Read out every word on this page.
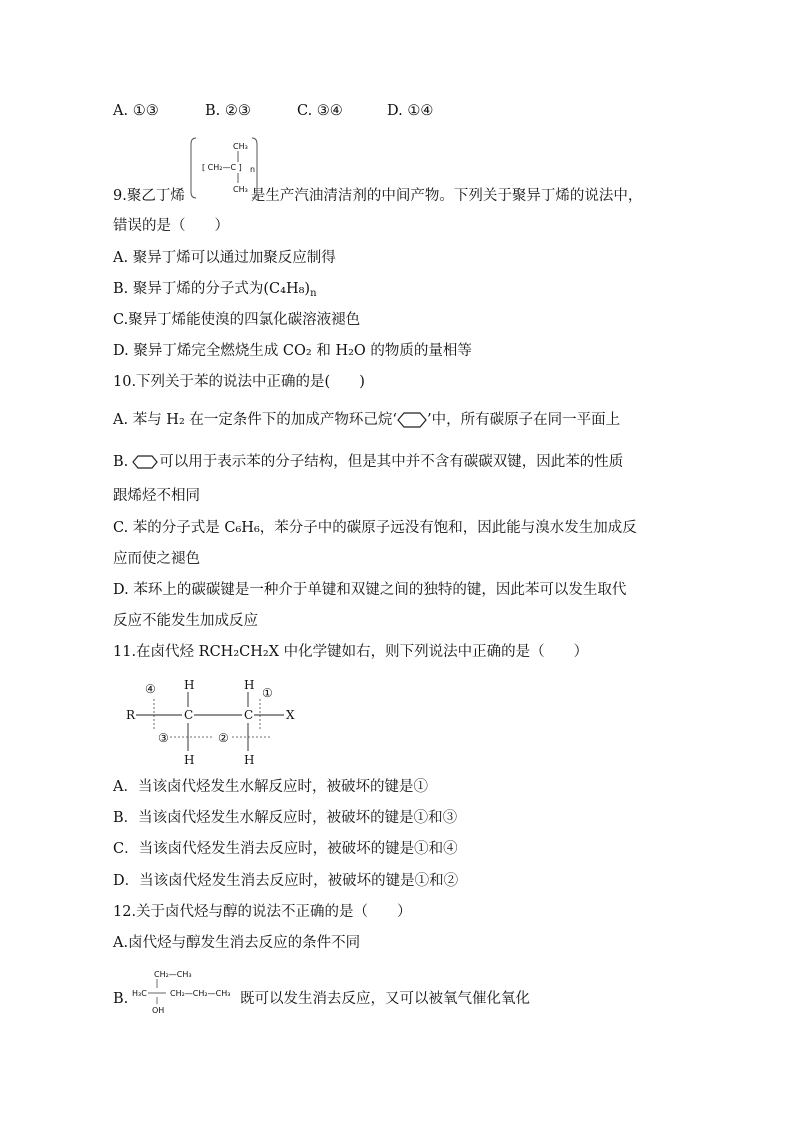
A. ①③	B. ②③	C. ③④	D. ①④
9.聚乙丁烯	是生产汽油清洁剂的中间产物。下列关于聚异丁烯的说法中，
CH₃
[ CH₂—C ] n
CH₃
错误的是（　　）
A. 聚异丁烯可以通过加聚反应制得
B. 聚异丁烯的分子式为$(C_4H_8)_n$
C.聚异丁烯能使溴的四氯化碳溶液褪色
D. 聚异丁烯完全燃烧生成 CO₂ 和 H₂O 的物质的量相等
10.下列关于苯的说法中正确的是(　　)
A. 苯与 H₂ 在一定条件下的加成产物环己烷‘ ’中，所有碳原子在同一平面上
B. 可以用于表示苯的分子结构，但是其中并不含有碳碳双键，因此苯的性质
跟烯烃不相同
C. 苯的分子式是 C₆H₆，苯分子中的碳原子远没有饱和，因此能与溴水发生加成反
应而使之褪色
D. 苯环上的碳碳键是一种介于单键和双键之间的独特的键，因此苯可以发生取代
反应不能发生加成反应
11.在卤代烃 RCH₂CH₂X 中化学键如右，则下列说法中正确的是（　　）
R	C	C	X
H
H
H
H
④	①
③	②
A．当该卤代烃发生水解反应时，被破坏的键是①
B．当该卤代烃发生水解反应时，被破坏的键是①和③
C．当该卤代烃发生消去反应时，被破坏的键是①和④
D．当该卤代烃发生消去反应时，被破坏的键是①和②
12.关于卤代烃与醇的说法不正确的是（　　）
A.卤代烃与醇发生消去反应的条件不同
B.
CH₂—CH₃
H₃C	CH₂—CH₂—CH₃
OH
既可以发生消去反应，又可以被氧气催化氧化
